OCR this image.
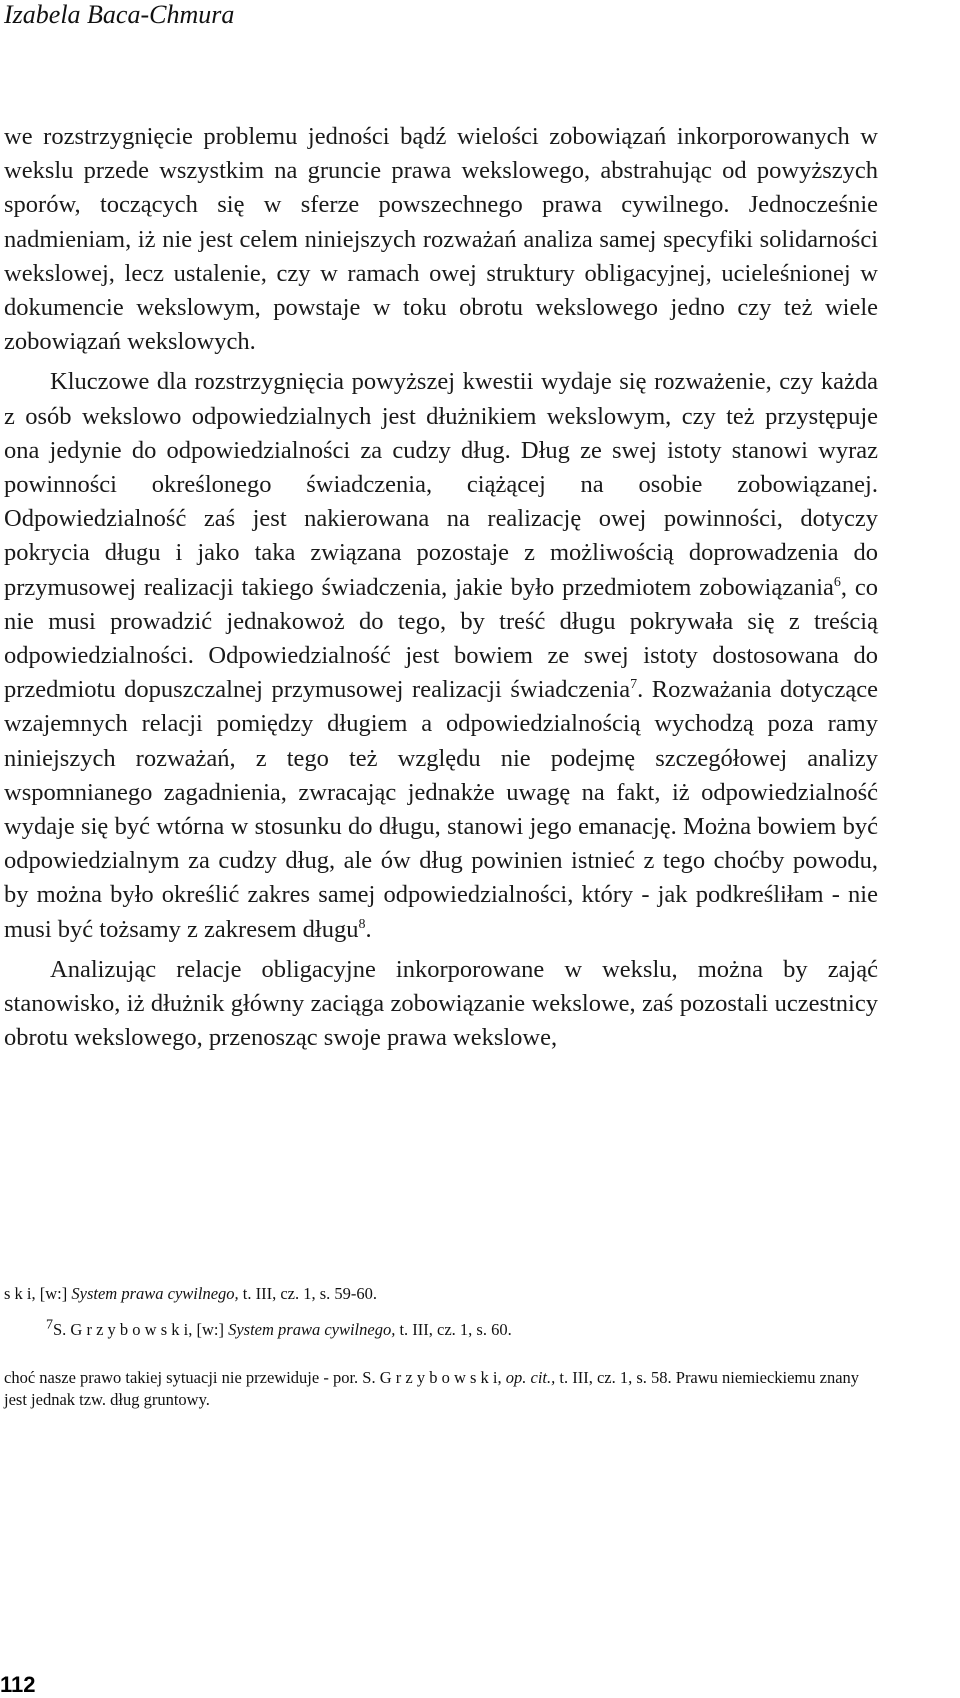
Izabela Baca-Chmura

we rozstrzygnięcie problemu jedności bądź wielości zobowiązań inkorporowanych w wekslu przede wszystkim na gruncie prawa wekslowego, abstrahując od powyższych sporów, toczących się w sferze powszechnego prawa cywilnego. Jednocześnie nadmieniam, iż nie jest celem niniejszych rozważań analiza samej specyfiki solidarności wekslowej, lecz ustalenie, czy w ramach owej struktury obligacyjnej, ucieleśnionej w dokumencie wekslowym, powstaje w toku obrotu wekslowego jedno czy też wiele zobowiązań wekslowych.

Kluczowe dla rozstrzygnięcia powyższej kwestii wydaje się rozważenie, czy każda z osób wekslowo odpowiedzialnych jest dłużnikiem wekslowym, czy też przystępuje ona jedynie do odpowiedzialności za cudzy dług. Dług ze swej istoty stanowi wyraz powinności określonego świadczenia, ciążącej na osobie zobowiązanej. Odpowiedzialność zaś jest nakierowana na realizację owej powinności, dotyczy pokrycia długu i jako taka związana pozostaje z możliwością doprowadzenia do przymusowej realizacji takiego świadczenia, jakie było przedmiotem zobowiązania$^6$, co nie musi prowadzić jednakowoż do tego, by treść długu pokrywała się z treścią odpowiedzialności. Odpowiedzialność jest bowiem ze swej istoty dostosowana do przedmiotu dopuszczalnej przymusowej realizacji świadczenia$^7$. Rozważania dotyczące wzajemnych relacji pomiędzy długiem a odpowiedzialnością wychodzą poza ramy niniejszych rozważań, z tego też względu nie podejmę szczegółowej analizy wspomnianego zagadnienia, zwracając jednakże uwagę na fakt, iż odpowiedzialność wydaje się być wtórna w stosunku do długu, stanowi jego emanację. Można bowiem być odpowiedzialnym za cudzy dług, ale ów dług powinien istnieć z tego choćby powodu, by można było określić zakres samej odpowiedzialności, który - jak podkreśliłam - nie musi być tożsamy z zakresem długu$^8$.

Analizując relacje obligacyjne inkorporowane w wekslu, można by zająć stanowisko, iż dłużnik główny zaciąga zobowiązanie wekslowe, zaś pozostali uczestnicy obrotu wekslowego, przenosząc swoje prawa wekslowe,

s k i, [w:] System prawa cywilnego, t. III, cz. 1, s. 59-60.

$^7$S. G r z y b o w s k i, [w:] System prawa cywilnego, t. III, cz. 1, s. 60.

choć nasze prawo takiej sytuacji nie przewiduje - por. S. G r z y b o w s k i, op. cit., t. III, cz. 1, s. 58. Prawu niemieckiemu znany jest jednak tzw. dług gruntowy.

112
